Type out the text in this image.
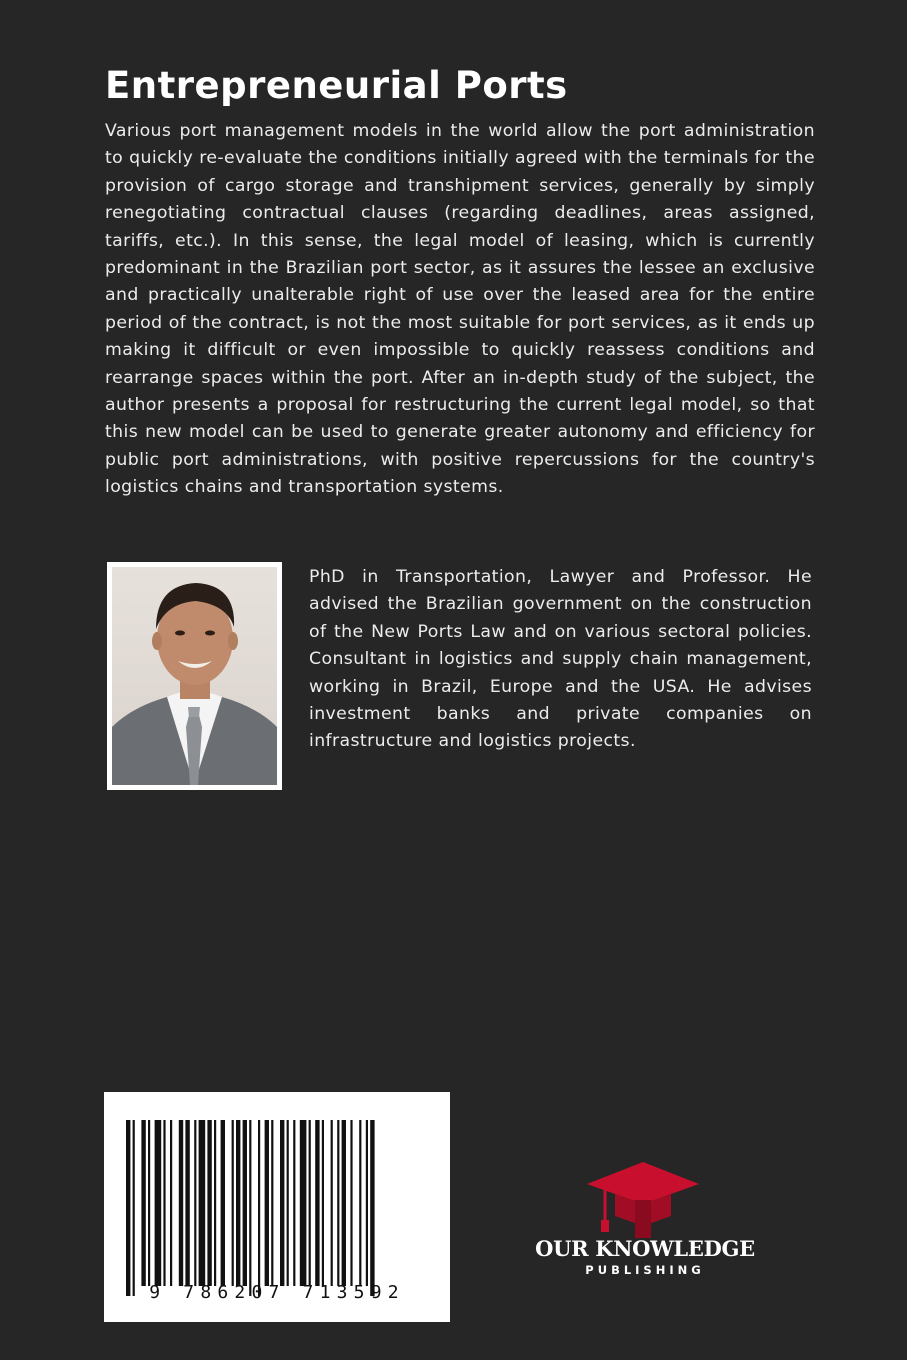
Entrepreneurial Ports

Various port management models in the world allow the port administration to quickly re-evaluate the conditions initially agreed with the terminals for the provision of cargo storage and transhipment services, generally by simply renegotiating contractual clauses (regarding deadlines, areas assigned, tariffs, etc.). In this sense, the legal model of leasing, which is currently predominant in the Brazilian port sector, as it assures the lessee an exclusive and practically unalterable right of use over the leased area for the entire period of the contract, is not the most suitable for port services, as it ends up making it difficult or even impossible to quickly reassess conditions and rearrange spaces within the port. After an in-depth study of the subject, the author presents a proposal for restructuring the current legal model, so that this new model can be used to generate greater autonomy and efficiency for public port administrations, with positive repercussions for the country's logistics chains and transportation systems.

PhD in Transportation, Lawyer and Professor. He advised the Brazilian government on the construction of the New Ports Law and on various sectoral policies. Consultant in logistics and supply chain management, working in Brazil, Europe and the USA. He advises investment banks and private companies on infrastructure and logistics projects.

9 786207 713592
OUR KNOWLEDGE
PUBLISHING
